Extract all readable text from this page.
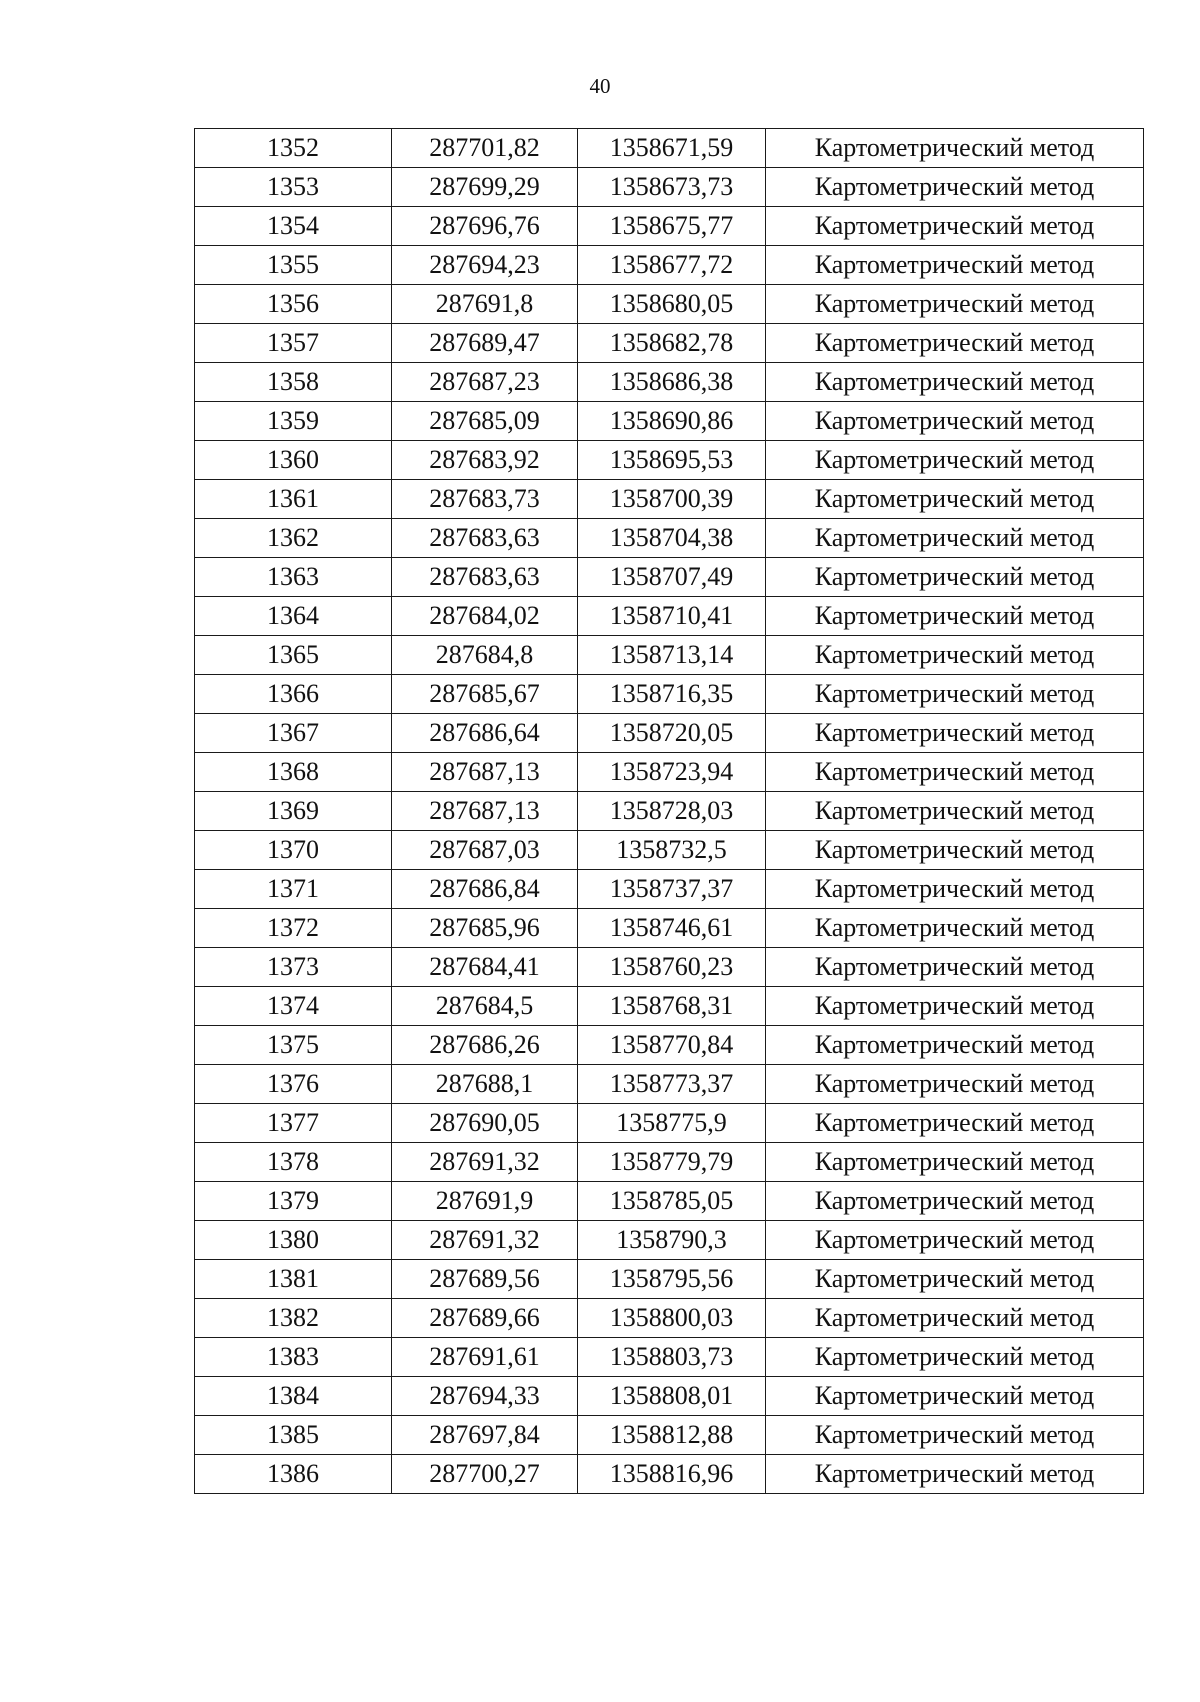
40
1352	287701,82	1358671,59	Картометрический метод
1353	287699,29	1358673,73	Картометрический метод
1354	287696,76	1358675,77	Картометрический метод
1355	287694,23	1358677,72	Картометрический метод
1356	287691,8	1358680,05	Картометрический метод
1357	287689,47	1358682,78	Картометрический метод
1358	287687,23	1358686,38	Картометрический метод
1359	287685,09	1358690,86	Картометрический метод
1360	287683,92	1358695,53	Картометрический метод
1361	287683,73	1358700,39	Картометрический метод
1362	287683,63	1358704,38	Картометрический метод
1363	287683,63	1358707,49	Картометрический метод
1364	287684,02	1358710,41	Картометрический метод
1365	287684,8	1358713,14	Картометрический метод
1366	287685,67	1358716,35	Картометрический метод
1367	287686,64	1358720,05	Картометрический метод
1368	287687,13	1358723,94	Картометрический метод
1369	287687,13	1358728,03	Картометрический метод
1370	287687,03	1358732,5	Картометрический метод
1371	287686,84	1358737,37	Картометрический метод
1372	287685,96	1358746,61	Картометрический метод
1373	287684,41	1358760,23	Картометрический метод
1374	287684,5	1358768,31	Картометрический метод
1375	287686,26	1358770,84	Картометрический метод
1376	287688,1	1358773,37	Картометрический метод
1377	287690,05	1358775,9	Картометрический метод
1378	287691,32	1358779,79	Картометрический метод
1379	287691,9	1358785,05	Картометрический метод
1380	287691,32	1358790,3	Картометрический метод
1381	287689,56	1358795,56	Картометрический метод
1382	287689,66	1358800,03	Картометрический метод
1383	287691,61	1358803,73	Картометрический метод
1384	287694,33	1358808,01	Картометрический метод
1385	287697,84	1358812,88	Картометрический метод
1386	287700,27	1358816,96	Картометрический метод
